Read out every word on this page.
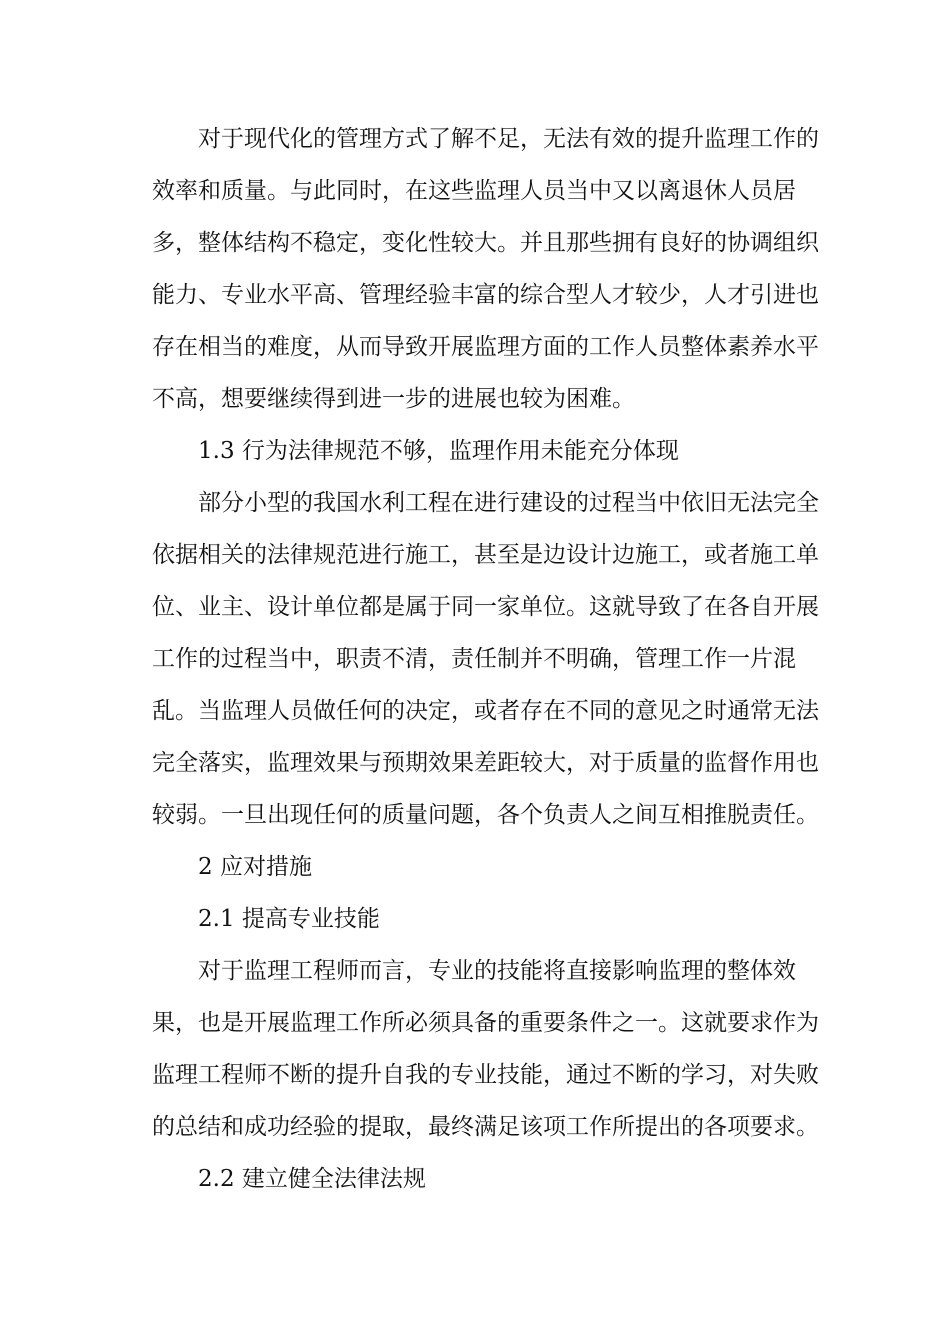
对于现代化的管理方式了解不足，无法有效的提升监理工作的
效率和质量。与此同时，在这些监理人员当中又以离退休人员居
多，整体结构不稳定，变化性较大。并且那些拥有良好的协调组织
能力、专业水平高、管理经验丰富的综合型人才较少，人才引进也
存在相当的难度，从而导致开展监理方面的工作人员整体素养水平
不高，想要继续得到进一步的进展也较为困难。
1.3 行为法律规范不够，监理作用未能充分体现
部分小型的我国水利工程在进行建设的过程当中依旧无法完全
依据相关的法律规范进行施工，甚至是边设计边施工，或者施工单
位、业主、设计单位都是属于同一家单位。这就导致了在各自开展
工作的过程当中，职责不清，责任制并不明确，管理工作一片混
乱。当监理人员做任何的决定，或者存在不同的意见之时通常无法
完全落实，监理效果与预期效果差距较大，对于质量的监督作用也
较弱。一旦出现任何的质量问题，各个负责人之间互相推脱责任。
2 应对措施
2.1 提高专业技能
对于监理工程师而言，专业的技能将直接影响监理的整体效
果，也是开展监理工作所必须具备的重要条件之一。这就要求作为
监理工程师不断的提升自我的专业技能，通过不断的学习，对失败
的总结和成功经验的提取，最终满足该项工作所提出的各项要求。
2.2 建立健全法律法规
